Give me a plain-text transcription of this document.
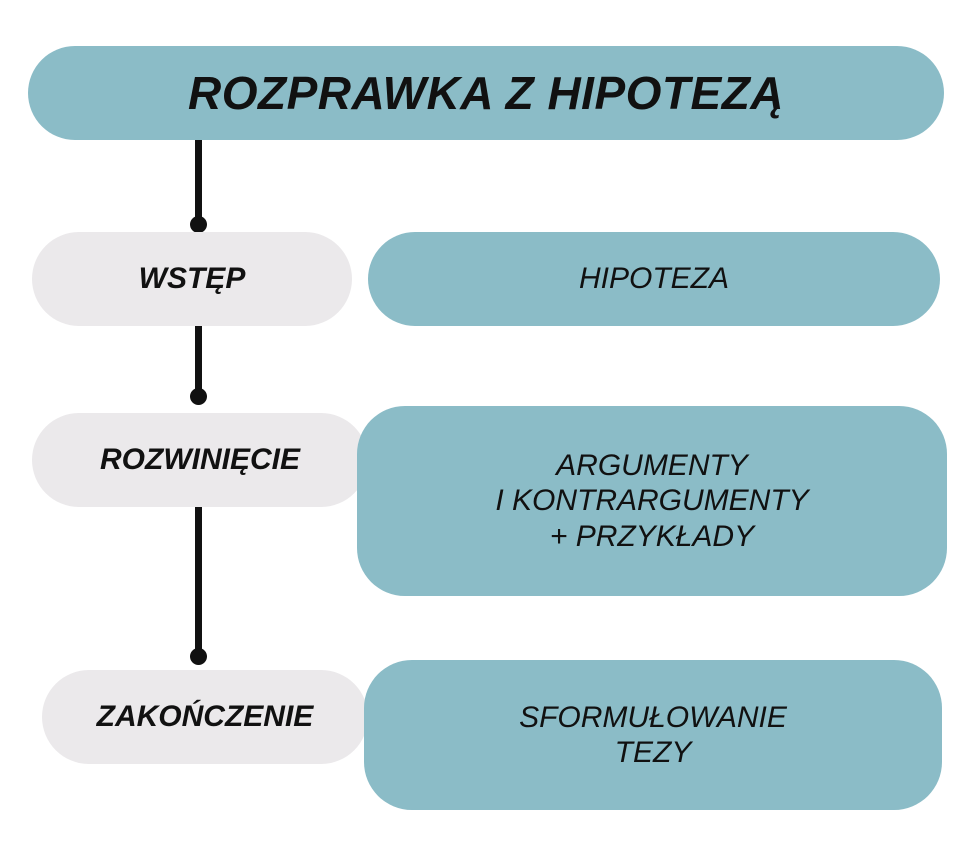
ROZPRAWKA Z HIPOTEZĄ
WSTĘP	HIPOTEZA
ROZWINIĘCIE	ARGUMENTY
I KONTRARGUMENTY
+ PRZYKŁADY
ZAKOŃCZENIE	SFORMUŁOWANIE
TEZY
